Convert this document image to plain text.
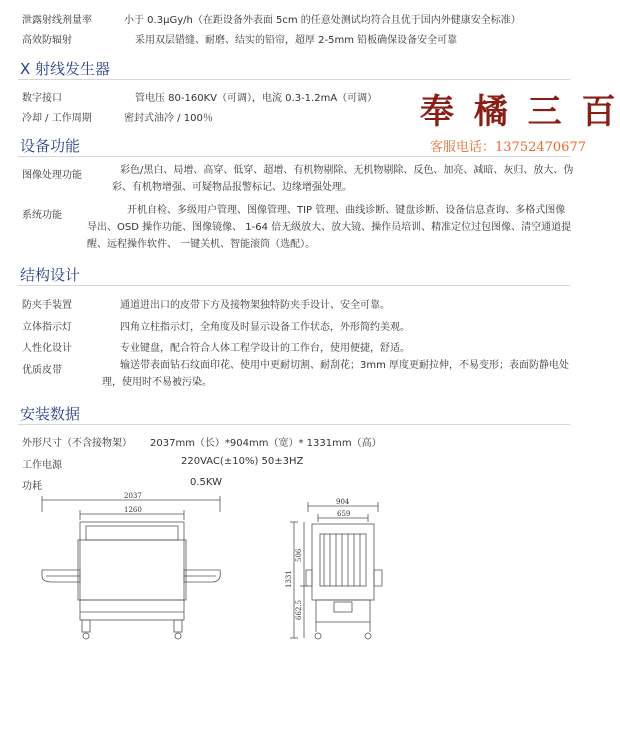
泄露射线剂量率	小于 0.3μGy/h（在距设备外表面 5cm 的任意处测试均符合且优于国内外健康安全标准）
高效防辐射	采用双层错缝、耐磨、结实的铅帘，超厚 2-5mm 铅板确保设备安全可靠
X 射线发生器
数字接口	管电压 80-160KV（可调），电流 0.3-1.2mA（可调）
冷却 / 工作周期	密封式油冷 / 100％	奉 橘 三 百
客服电话：13752470677
设备功能
图像处理功能	彩色/黑白、局增、高穿、低穿、超增、有机物剔除、无机物剔除、反色、加亮、减暗、灰归、放大、伪彩、有机物增强、可疑物品报警标记、边缘增强处理。
系统功能	开机自检、多级用户管理、图像管理、TIP 管理、曲线诊断、键盘诊断、设备信息查询、多格式图像导出、OSD 操作功能、图像镜像、 1-64 倍无级放大、放大镜、操作员培训、精准定位过包图像、清空通道提醒、远程操作软件、 一键关机、智能滚筒（选配）。
结构设计
防夹手装置	通道进出口的皮带下方及接物架独特防夹手设计、安全可靠。
立体指示灯	四角立柱指示灯，全角度及时显示设备工作状态，外形简约美观。
人性化设计	专业键盘，配合符合人体工程学设计的工作台，使用便捷，舒适。
优质皮带	输送带表面钻石纹面印花、使用中更耐切割、耐刮花；3mm 厚度更耐拉伸，不易变形；表面防静电处理，使用时不易被污染。
安装数据
外形尺寸（不含接物架） 2037mm（长）*904mm（宽）* 1331mm（高）
工作电源	220VAC(±10%) 50±3HZ
功耗	0.5KW
2037
1260
904
659
1331
506
662.5
